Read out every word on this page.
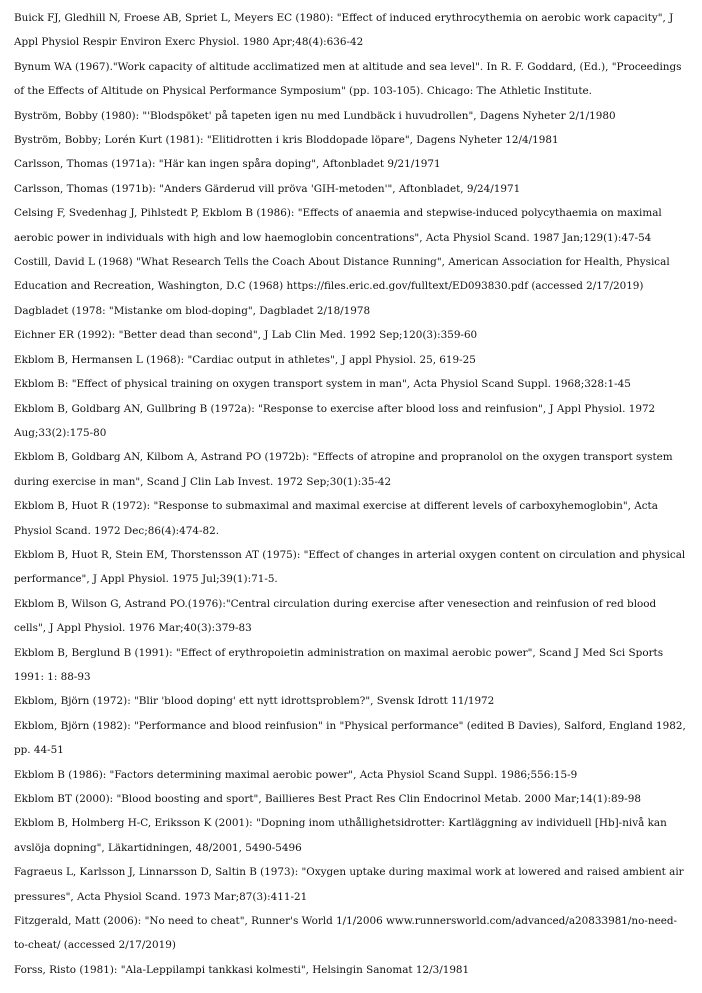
Buick FJ, Gledhill N, Froese AB, Spriet L, Meyers EC (1980): "Effect of induced erythrocythemia on aerobic work capacity", J Appl Physiol Respir Environ Exerc Physiol. 1980 Apr;48(4):636-42

Bynum WA (1967)."Work capacity of altitude acclimatized men at altitude and sea level". In R. F. Goddard, (Ed.), "Proceedings of the Effects of Altitude on Physical Performance Symposium" (pp. 103-105). Chicago: The Athletic Institute.

Byström, Bobby (1980): "'Blodspöket' på tapeten igen nu med Lundbäck i huvudrollen", Dagens Nyheter 2/1/1980

Byström, Bobby; Lorén Kurt (1981): "Elitidrotten i kris Bloddopade löpare", Dagens Nyheter 12/4/1981

Carlsson, Thomas (1971a): "Här kan ingen spåra doping", Aftonbladet 9/21/1971

Carlsson, Thomas (1971b): "Anders Gärderud vill pröva 'GIH-metoden'", Aftonbladet, 9/24/1971

Celsing F, Svedenhag J, Pihlstedt P, Ekblom B (1986): "Effects of anaemia and stepwise-induced polycythaemia on maximal aerobic power in individuals with high and low haemoglobin concentrations", Acta Physiol Scand. 1987 Jan;129(1):47-54

Costill, David L (1968) "What Research Tells the Coach About Distance Running", American Association for Health, Physical Education and Recreation, Washington, D.C (1968) https://files.eric.ed.gov/fulltext/ED093830.pdf (accessed 2/17/2019)

Dagbladet (1978: "Mistanke om blod-doping", Dagbladet 2/18/1978

Eichner ER (1992): "Better dead than second", J Lab Clin Med. 1992 Sep;120(3):359-60

Ekblom B, Hermansen L (1968): "Cardiac output in athletes", J appl Physiol. 25, 619-25

Ekblom B: "Effect of physical training on oxygen transport system in man", Acta Physiol Scand Suppl. 1968;328:1-45

Ekblom B, Goldbarg AN, Gullbring B (1972a): "Response to exercise after blood loss and reinfusion", J Appl Physiol. 1972 Aug;33(2):175-80

Ekblom B, Goldbarg AN, Kilbom A, Astrand PO (1972b): "Effects of atropine and propranolol on the oxygen transport system during exercise in man", Scand J Clin Lab Invest. 1972 Sep;30(1):35-42

Ekblom B, Huot R (1972): "Response to submaximal and maximal exercise at different levels of carboxyhemoglobin", Acta Physiol Scand. 1972 Dec;86(4):474-82.

Ekblom B, Huot R, Stein EM, Thorstensson AT (1975): "Effect of changes in arterial oxygen content on circulation and physical performance", J Appl Physiol. 1975 Jul;39(1):71-5.

Ekblom B, Wilson G, Astrand PO.(1976):"Central circulation during exercise after venesection and reinfusion of red blood cells", J Appl Physiol. 1976 Mar;40(3):379-83

Ekblom B, Berglund B (1991): "Effect of erythropoietin administration on maximal aerobic power", Scand J Med Sci Sports 1991: 1: 88-93

Ekblom, Björn (1972): "Blir 'blood doping' ett nytt idrottsproblem?", Svensk Idrott 11/1972

Ekblom, Björn (1982): "Performance and blood reinfusion" in "Physical performance" (edited B Davies), Salford, England 1982, pp. 44-51

Ekblom B (1986): "Factors determining maximal aerobic power", Acta Physiol Scand Suppl. 1986;556:15-9

Ekblom BT (2000): "Blood boosting and sport", Baillieres Best Pract Res Clin Endocrinol Metab. 2000 Mar;14(1):89-98

Ekblom B, Holmberg H-C, Eriksson K (2001): "Dopning inom uthållighetsidrotter: Kartläggning av individuell [Hb]-nivå kan avslöja dopning", Läkartidningen, 48/2001, 5490-5496

Fagraeus L, Karlsson J, Linnarsson D, Saltin B (1973): "Oxygen uptake during maximal work at lowered and raised ambient air pressures", Acta Physiol Scand. 1973 Mar;87(3):411-21

Fitzgerald, Matt (2006): "No need to cheat", Runner's World 1/1/2006 www.runnersworld.com/advanced/a20833981/no-need-to-cheat/ (accessed 2/17/2019)

Forss, Risto (1981): "Ala-Leppilampi tankkasi kolmesti", Helsingin Sanomat 12/3/1981
